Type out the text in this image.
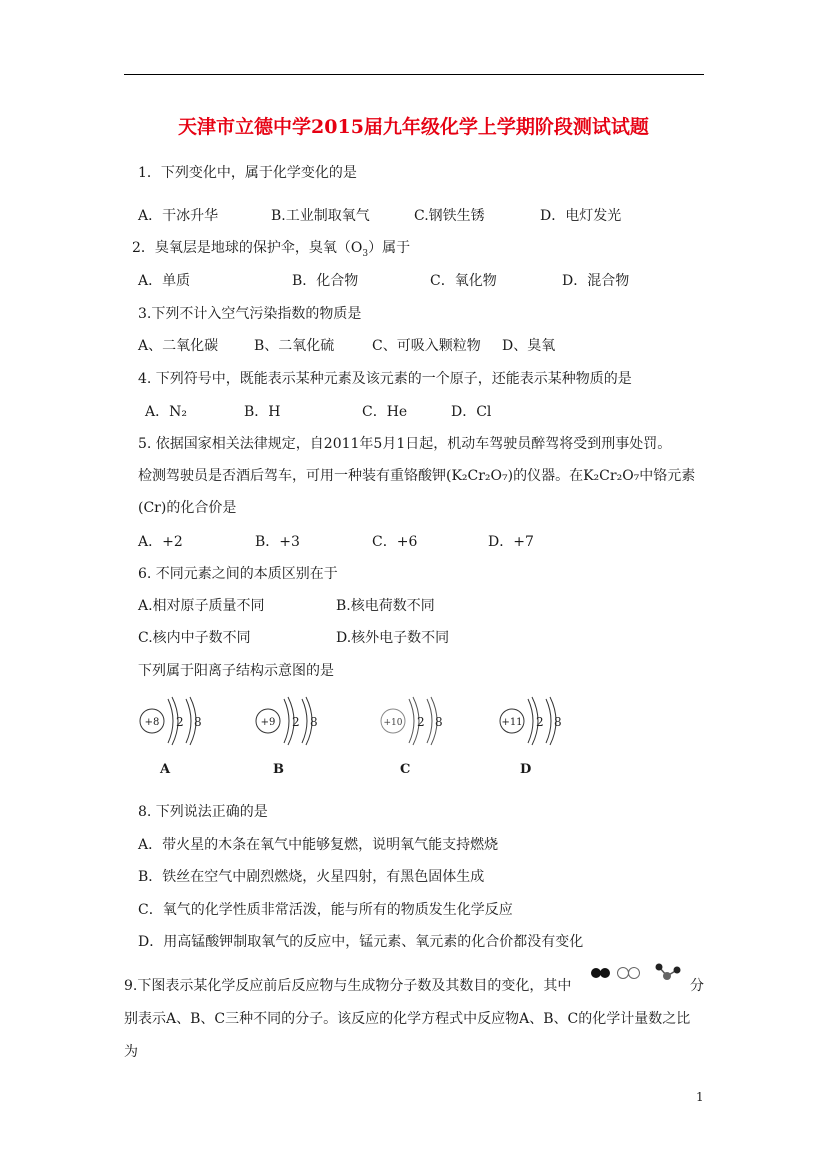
天津市立德中学2015届九年级化学上学期阶段测试试题
1．下列变化中，属于化学变化的是
A．干冰升华	B.工业制取氧气	C.钢铁生锈	D．电灯发光
2．臭氧层是地球的保护伞，臭氧$(O_3)$属于
A．单质	B．化合物	C．氧化物	D．混合物
3.下列不计入空气污染指数的物质是
A、二氧化碳	B、二氧化硫	C、可吸入颗粒物 D、臭氧
4. 下列符号中，既能表示某种元素及该元素的一个原子，还能表示某种物质的是
A．N₂	B．H	C．He	D．Cl
5. 依据国家相关法律规定，自2011年5月1日起，机动车驾驶员醉驾将受到刑事处罚。
检测驾驶员是否酒后驾车，可用一种装有重铬酸钾(K₂Cr₂O₇)的仪器。在K₂Cr₂O₇中铬元素
(Cr)的化合价是
A．+2	B．+3	C．+6	D．+7
6. 不同元素之间的本质区别在于
A.相对原子质量不同	B.核电荷数不同
C.核内中子数不同	D.核外电子数不同
下列属于阳离子结构示意图的是
+8 2 8
A
+9 2 8
B
+10 2 8
C
+11 2 8
D
8. 下列说法正确的是
A．带火星的木条在氧气中能够复燃，说明氧气能支持燃烧
B．铁丝在空气中剧烈燃烧，火星四射，有黑色固体生成
C．氧气的化学性质非常活泼，能与所有的物质发生化学反应
D．用高锰酸钾制取氧气的反应中，锰元素、氧元素的化合价都没有变化
9.下图表示某化学反应前后反应物与生成物分子数及其数目的变化，其中	分
别表示A、B、C三种不同的分子。该反应的化学方程式中反应物A、B、C的化学计量数之比
为
1
